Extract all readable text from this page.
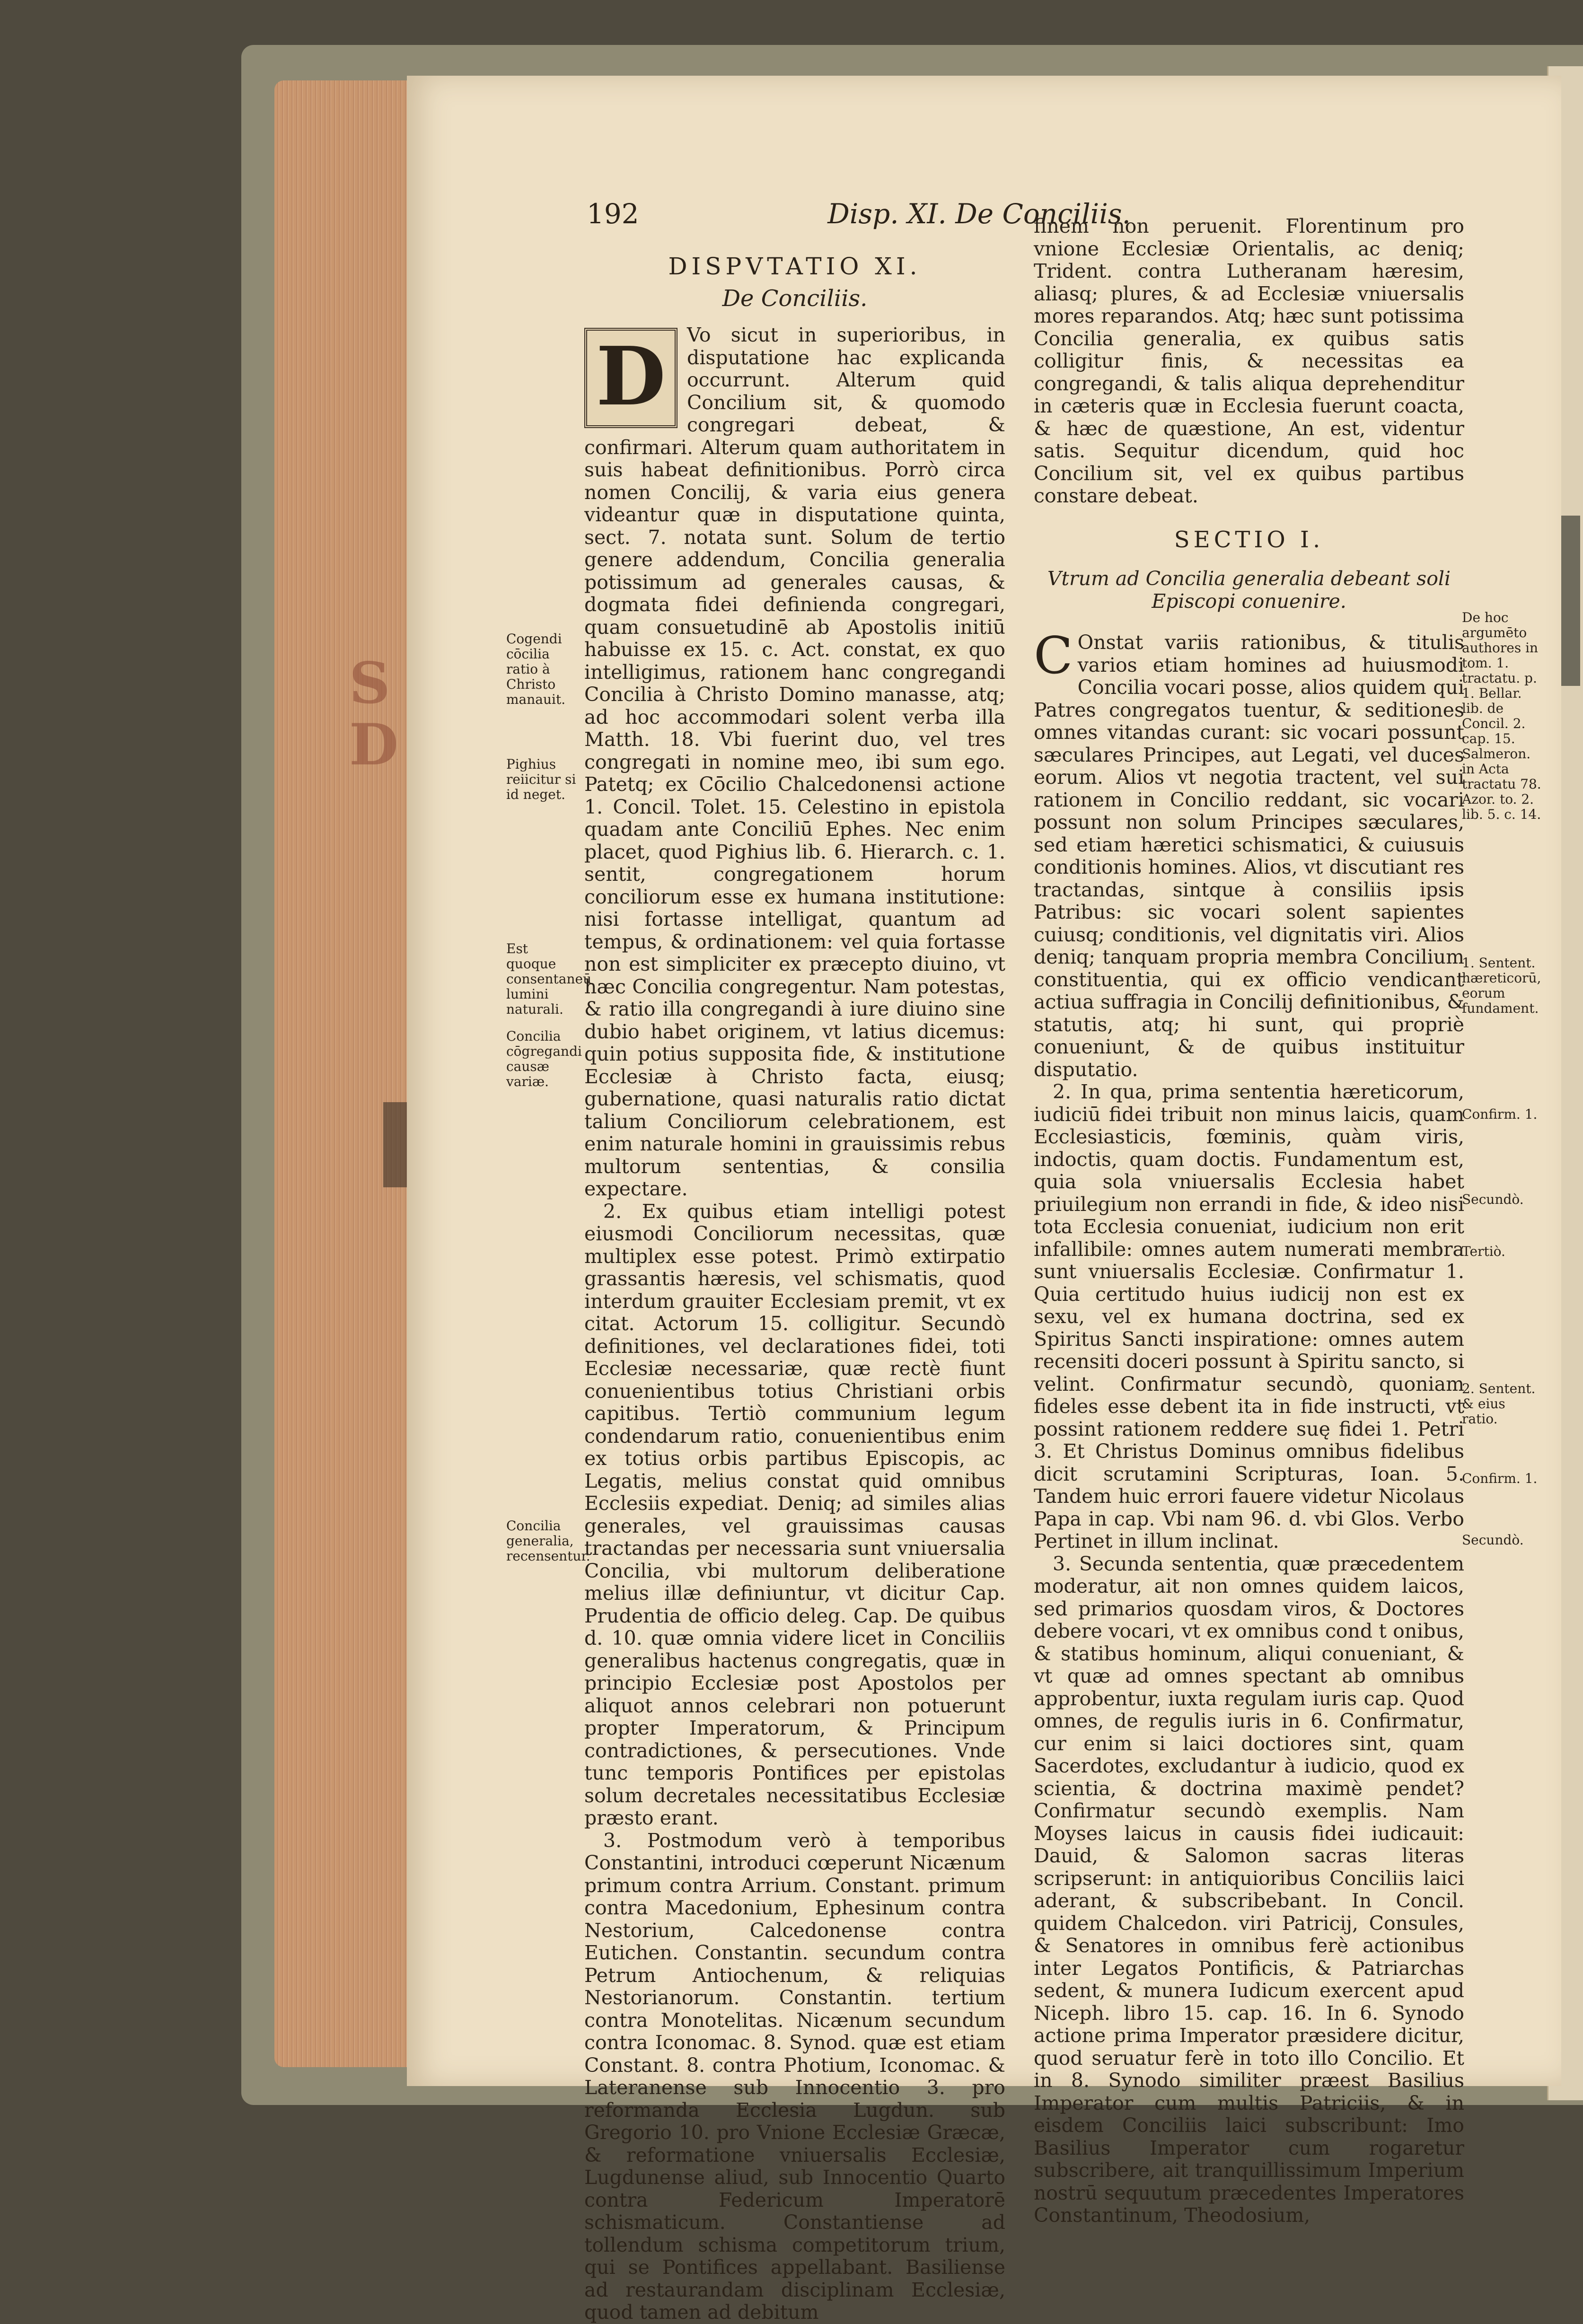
S
D
192	Disp. XI. De Conciliis.

DISPVTATIO XI.

De Conciliis.

D	Vo sicut in superioribus, in disputatione hac explicanda occurrunt. Alterum quid Concilium sit, & quomodo congregari debeat, & confirmari. Alterum quam authoritatem in suis habeat definitionibus. Porrò circa nomen Concilij, & varia eius genera videantur quæ in disputatione quinta, sect. 7. notata sunt. Solum de tertio genere addendum, Concilia generalia potissimum ad generales causas, & dogmata fidei definienda congregari, quam consuetudinē ab Apostolis initiū habuisse ex 15. c. Act. constat, ex quo intelligimus, rationem hanc congregandi Concilia à Christo Domino manasse, atq; ad hoc accommodari solent verba illa Matth. 18. Vbi fuerint duo, vel tres congregati in nomine meo, ibi sum ego. Patetq; ex Cōcilio Chalcedonensi actione 1. Concil. Tolet. 15. Celestino in epistola quadam ante Conciliū Ephes. Nec enim placet, quod Pighius lib. 6. Hierarch. c. 1. sentit, congregationem horum conciliorum esse ex humana institutione: nisi fortasse intelligat, quantum ad tempus, & ordinationem: vel quia fortasse non est simpliciter ex præcepto diuino, vt hæc Concilia congregentur. Nam potestas, & ratio illa congregandi à iure diuino sine dubio habet originem, vt latius dicemus: quin potius supposita fide, & institutione Ecclesiæ à Christo facta, eiusq; gubernatione, quasi naturalis ratio dictat talium Conciliorum celebrationem, est enim naturale homini in grauissimis rebus multorum sententias, & consilia expectare.

2. Ex quibus etiam intelligi potest eiusmodi Conciliorum necessitas, quæ multiplex esse potest. Primò extirpatio grassantis hæresis, vel schismatis, quod interdum grauiter Ecclesiam premit, vt ex citat. Actorum 15. colligitur. Secundò definitiones, vel declarationes fidei, toti Ecclesiæ necessariæ, quæ rectè fiunt conuenientibus totius Christiani orbis capitibus. Tertiò communium legum condendarum ratio, conuenientibus enim ex totius orbis partibus Episcopis, ac Legatis, melius constat quid omnibus Ecclesiis expediat. Deniq; ad similes alias generales, vel grauissimas causas tractandas per necessaria sunt vniuersalia Concilia, vbi multorum deliberatione melius illæ definiuntur, vt dicitur Cap. Prudentia de officio deleg. Cap. De quibus d. 10. quæ omnia videre licet in Conciliis generalibus hactenus congregatis, quæ in principio Ecclesiæ post Apostolos per aliquot annos celebrari non potuerunt propter Imperatorum, & Principum contradictiones, & persecutiones. Vnde tunc temporis Pontifices per epistolas solum decretales necessitatibus Ecclesiæ præsto erant.

3. Postmodum verò à temporibus Constantini, introduci cœperunt Nicænum primum contra Arrium. Constant. primum contra Macedonium, Ephesinum contra Nestorium, Calcedonense contra Eutichen. Constantin. secundum contra Petrum Antiochenum, & reliquias Nestorianorum. Constantin. tertium contra Monotelitas. Nicænum secundum contra Iconomac. 8. Synod. quæ est etiam Constant. 8. contra Photium, Iconomac. & Lateranense sub Innocentio 3. pro reformanda Ecclesia Lugdun. sub Gregorio 10. pro Vnione Ecclesiæ Græcæ, & reformatione vniuersalis Ecclesiæ, Lugdunense aliud, sub Innocentio Quarto contra Federicum Imperatorē schismaticum. Constantiense ad tollendum schisma competitorum trium, qui se Pontifices appellabant. Basiliense ad restaurandam disciplinam Ecclesiæ, quod tamen ad debitum

finem non peruenit. Florentinum pro vnione Ecclesiæ Orientalis, ac deniq; Trident. contra Lutheranam hæresim, aliasq; plures, & ad Ecclesiæ vniuersalis mores reparandos. Atq; hæc sunt potissima Concilia generalia, ex quibus satis colligitur finis, & necessitas ea congregandi, & talis aliqua deprehenditur in cæteris quæ in Ecclesia fuerunt coacta, & hæc de quæstione, An est, videntur satis. Sequitur dicendum, quid hoc Concilium sit, vel ex quibus partibus constare debeat.

SECTIO I.

Vtrum ad Concilia generalia debeant soli Episcopi conuenire.

C Onstat variis rationibus, & titulis varios etiam homines ad huiusmodi Concilia vocari posse, alios quidem qui Patres congregatos tuentur, & seditiones omnes vitandas curant: sic vocari possunt sæculares Principes, aut Legati, vel duces eorum. Alios vt negotia tractent, vel sui rationem in Concilio reddant, sic vocari possunt non solum Principes sæculares, sed etiam hæretici schismatici, & cuiusuis conditionis homines. Alios, vt discutiant res tractandas, sintque à consiliis ipsis Patribus: sic vocari solent sapientes cuiusq; conditionis, vel dignitatis viri. Alios deniq; tanquam propria membra Concilium constituentia, qui ex officio vendicant actiua suffragia in Concilij definitionibus, & statutis, atq; hi sunt, qui propriè conueniunt, & de quibus instituitur disputatio.

2. In qua, prima sententia hæreticorum, iudiciū fidei tribuit non minus laicis, quam Ecclesiasticis, fœminis, quàm viris, indoctis, quam doctis. Fundamentum est, quia sola vniuersalis Ecclesia habet priuilegium non errandi in fide, & ideo nisi tota Ecclesia conueniat, iudicium non erit infallibile: omnes autem numerati membra sunt vniuersalis Ecclesiæ. Confirmatur 1. Quia certitudo huius iudicij non est ex sexu, vel ex humana doctrina, sed ex Spiritus Sancti inspiratione: omnes autem recensiti doceri possunt à Spiritu sancto, si velint. Confirmatur secundò, quoniam fideles esse debent ita in fide instructi, vt possint rationem reddere suę fidei 1. Petri 3. Et Christus Dominus omnibus fidelibus dicit scrutamini Scripturas, Ioan. 5. Tandem huic errori fauere videtur Nicolaus Papa in cap. Vbi nam 96. d. vbi Glos. Verbo Pertinet in illum inclinat.

3. Secunda sententia, quæ præcedentem moderatur, ait non omnes quidem laicos, sed primarios quosdam viros, & Doctores debere vocari, vt ex omnibus cond t onibus, & statibus hominum, aliqui conueniant, & vt quæ ad omnes spectant ab omnibus approbentur, iuxta regulam iuris cap. Quod omnes, de regulis iuris in 6. Confirmatur, cur enim si laici doctiores sint, quam Sacerdotes, excludantur à iudicio, quod ex scientia, & doctrina maximè pendet? Confirmatur secundò exemplis. Nam Moyses laicus in causis fidei iudicauit: Dauid, & Salomon sacras literas scripserunt: in antiquioribus Conciliis laici aderant, & subscribebant. In Concil. quidem Chalcedon. viri Patricij, Consules, & Senatores in omnibus ferè actionibus inter Legatos Pontificis, & Patriarchas sedent, & munera Iudicum exercent apud Niceph. libro 15. cap. 16. In 6. Synodo actione prima Imperator præsidere dicitur, quod seruatur ferè in toto illo Concilio. Et in 8. Synodo similiter præest Basilius Imperator cum multis Patriciis, & in eisdem Conciliis laici subscribunt: Imo Basilius Imperator cum rogaretur subscribere, ait tranquillissimum Imperium nostrū sequutum præcedentes Imperatores Constantinum, Theodosium,

Cogendi cōcilia ratio à Christo manauit.
Pighius reiicitur si id neget.
Est quoque consentaneū lumini naturali.
Concilia cōgregandi causæ variæ.
Concilia generalia, recensentur.
De hoc argumēto authores in tom. 1. tractatu. p. 1. Bellar. lib. de Concil. 2. cap. 15. Salmeron. in Acta tractatu 78. Azor. to. 2. lib. 5. c. 14.
1. Sentent. hæreticorū, eorum fundament.
Confirm. 1.
Secundò.
Tertiò.
2. Sentent. & eius ratio.
Confirm. 1.
Secundò.
